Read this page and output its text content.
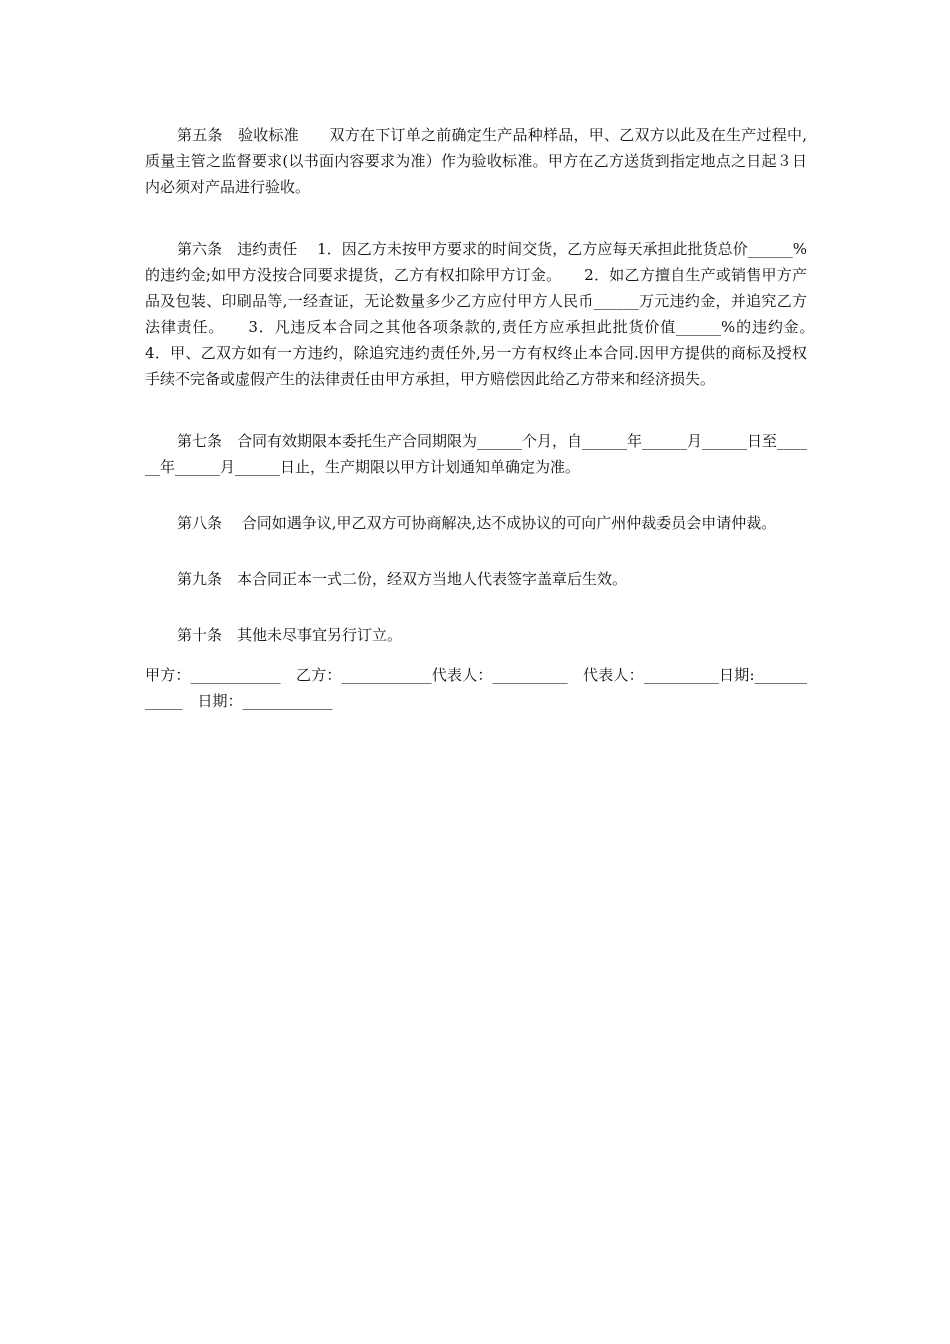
第五条　验收标准　　双方在下订单之前确定生产品种样品，甲、乙双方以此及在生产过程中,质量主管之监督要求(以书面内容要求为准）作为验收标准。甲方在乙方送货到指定地点之日起３日内必须对产品进行验收。

第六条　违约责任　 1．因乙方未按甲方要求的时间交货，乙方应每天承担此批货总价______%的违约金;如甲方没按合同要求提货，乙方有权扣除甲方订金。　　2．如乙方擅自生产或销售甲方产品及包装、印刷品等,一经查证，无论数量多少乙方应付甲方人民币______万元违约金，并追究乙方法律责任。　　3．凡违反本合同之其他各项条款的,责任方应承担此批货价值______%的违约金。　　4．甲、乙双方如有一方违约，除追究违约责任外,另一方有权终止本合同.因甲方提供的商标及授权手续不完备或虚假产生的法律责任由甲方承担，甲方赔偿因此给乙方带来和经济损失。

第七条　合同有效期限本委托生产合同期限为______个月，自______年______月______日至______年______月______日止，生产期限以甲方计划通知单确定为准。

第八条　 合同如遇争议,甲乙双方可协商解决,达不成协议的可向广州仲裁委员会申请仲裁。

第九条　本合同正本一式二份，经双方当地人代表签字盖章后生效。

第十条　其他未尽事宜另行订立。

甲方：____________　乙方：____________代表人：__________　代表人：__________日期:____________　日期：____________
